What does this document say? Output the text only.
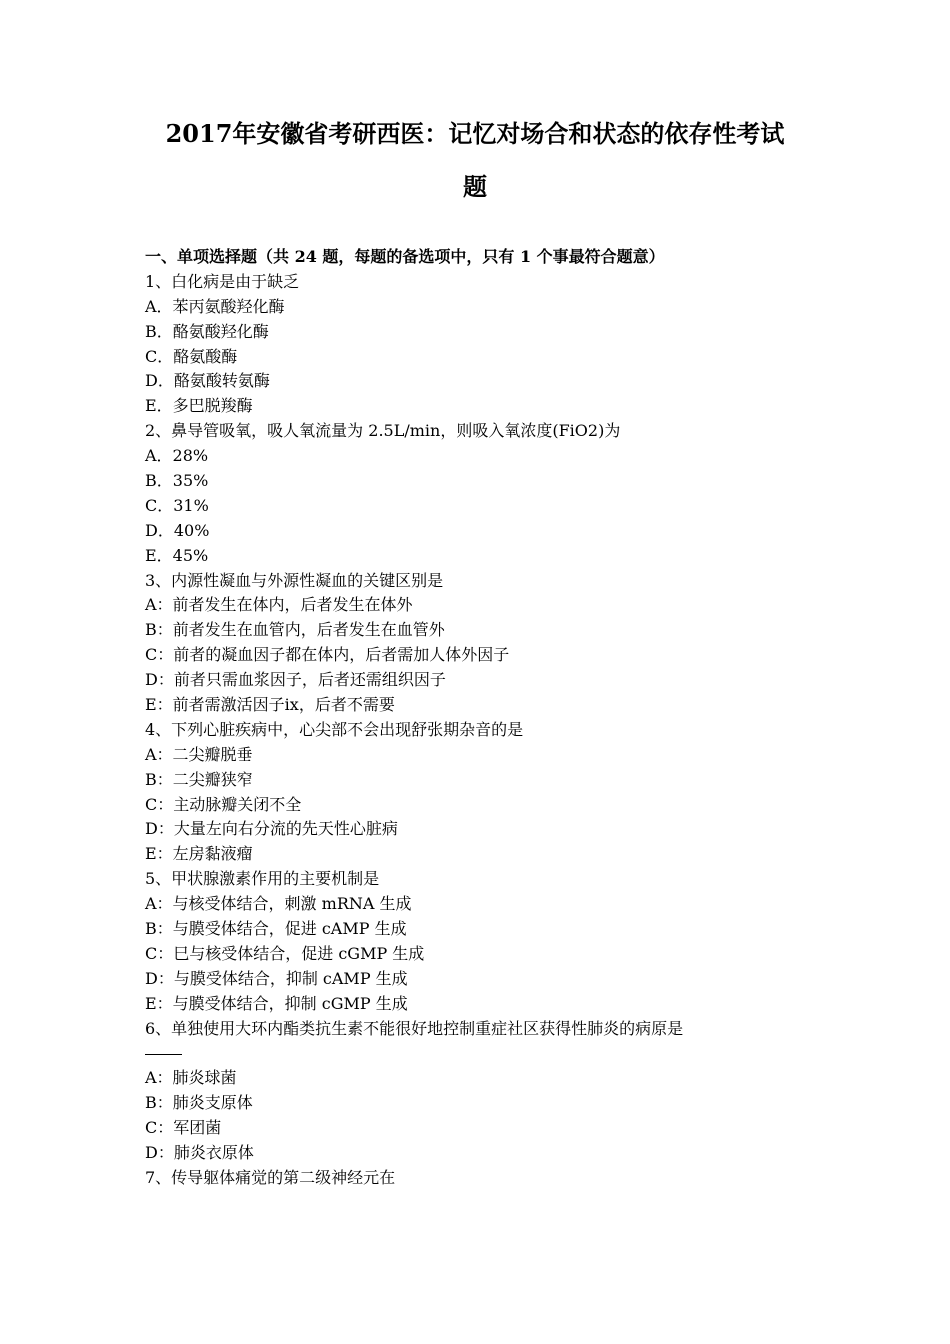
2017年安徽省考研西医：记忆对场合和状态的依存性考试
题
一、单项选择题（共 24 题，每题的备选项中，只有 1 个事最符合题意）
1、白化病是由于缺乏
A．苯丙氨酸羟化酶
B．酪氨酸羟化酶
C．酪氨酸酶
D．酪氨酸转氨酶
E．多巴脱羧酶
2、鼻导管吸氧，吸人氧流量为 2.5L/min，则吸入氧浓度(FiO2)为
A．28%
B．35%
C．31%
D．40%
E．45%
3、内源性凝血与外源性凝血的关键区别是
A：前者发生在体内，后者发生在体外
B：前者发生在血管内，后者发生在血管外
C：前者的凝血因子都在体内，后者需加人体外因子
D：前者只需血浆因子，后者还需组织因子
E：前者需激活因子ix，后者不需要
4、下列心脏疾病中，心尖部不会出现舒张期杂音的是
A：二尖瓣脱垂
B：二尖瓣狭窄
C：主动脉瓣关闭不全
D：大量左向右分流的先天性心脏病
E：左房黏液瘤
5、甲状腺激素作用的主要机制是
A：与核受体结合，刺激 mRNA 生成
B：与膜受体结合，促进 cAMP 生成
C：巳与核受体结合，促进 cGMP 生成
D：与膜受体结合，抑制 cAMP 生成
E：与膜受体结合，抑制 cGMP 生成
6、单独使用大环内酯类抗生素不能很好地控制重症社区获得性肺炎的病原是
A：肺炎球菌
B：肺炎支原体
C：军团菌
D：肺炎衣原体
7、传导躯体痛觉的第二级神经元在
